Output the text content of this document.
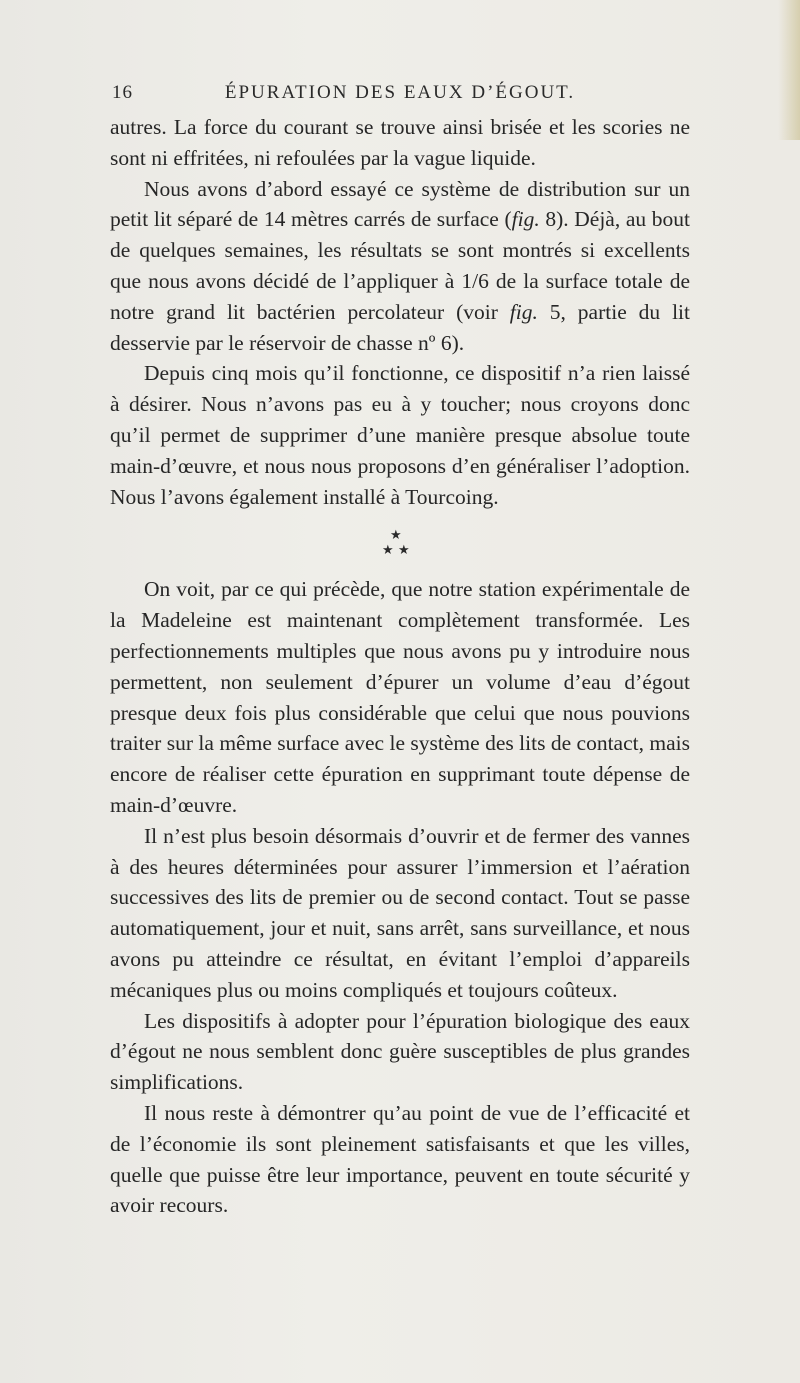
16	ÉPURATION DES EAUX D’ÉGOUT.

autres. La force du courant se trouve ainsi brisée et les scories ne sont ni effritées, ni refoulées par la vague liquide.

Nous avons d’abord essayé ce système de distribution sur un petit lit séparé de 14 mètres carrés de surface (fig. 8). Déjà, au bout de quelques semaines, les résultats se sont montrés si excellents que nous avons décidé de l’appliquer à 1/6 de la surface totale de notre grand lit bactérien percolateur (voir fig. 5, partie du lit desservie par le réservoir de chasse nº 6).

Depuis cinq mois qu’il fonctionne, ce dispositif n’a rien laissé à désirer. Nous n’avons pas eu à y toucher; nous croyons donc qu’il permet de supprimer d’une manière presque absolue toute main-d’œuvre, et nous nous proposons d’en généraliser l’adoption. Nous l’avons également installé à Tourcoing.

★
★ ★

On voit, par ce qui précède, que notre station expérimentale de la Madeleine est maintenant complètement transformée. Les perfectionnements multiples que nous avons pu y introduire nous permettent, non seulement d’épurer un volume d’eau d’égout presque deux fois plus considérable que celui que nous pouvions traiter sur la même surface avec le système des lits de contact, mais encore de réaliser cette épuration en supprimant toute dépense de main-d’œuvre.

Il n’est plus besoin désormais d’ouvrir et de fermer des vannes à des heures déterminées pour assurer l’immersion et l’aération successives des lits de premier ou de second contact. Tout se passe automatiquement, jour et nuit, sans arrêt, sans surveillance, et nous avons pu atteindre ce résultat, en évitant l’emploi d’appareils mécaniques plus ou moins compliqués et toujours coûteux.

Les dispositifs à adopter pour l’épuration biologique des eaux d’égout ne nous semblent donc guère susceptibles de plus grandes simplifications.

Il nous reste à démontrer qu’au point de vue de l’efficacité et de l’économie ils sont pleinement satisfaisants et que les villes, quelle que puisse être leur importance, peuvent en toute sécurité y avoir recours.
